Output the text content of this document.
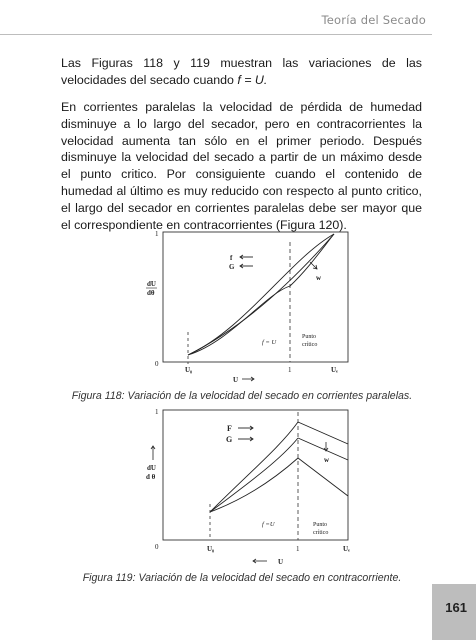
Teoría del Secado

Las Figuras 118 y 119 muestran las variaciones de las velocidades del secado cuando f = U.

En corrientes paralelas la velocidad de pérdida de humedad disminuye a lo largo del secador, pero en contracorrientes la velocidad aumenta tan sólo en el primer periodo. Después disminuye la velocidad del secado a partir de un máximo desde el punto critico. Por consiguiente cuando el contenido de humedad al último es muy reducido con respecto al punto critico, el largo del secador en corrientes paralelas debe ser mayor que el correspondiente en contracorrientes (Figura 120).

1
dU
dθ
0
U₀	1	Uₑ
U
f
G
w
f = U
Punto
crítico
Figura 118: Variación de la velocidad del secado en corrientes paralelas.
1
dU
d θ
0	U₀	1	Uₑ
U
F
G
w
f =U	Punto
crítico
Figura 119: Variación de la velocidad del secado en contracorriente.
161
